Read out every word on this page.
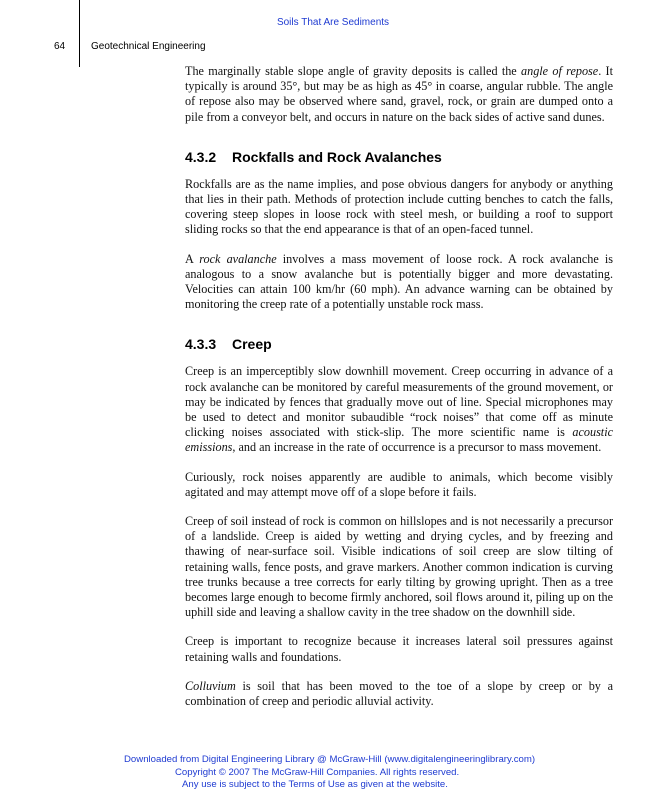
Soils That Are Sediments
64	Geotechnical Engineering

The marginally stable slope angle of gravity deposits is called the angle of repose. It typically is around 35°, but may be as high as 45° in coarse, angular rubble. The angle of repose also may be observed where sand, gravel, rock, or grain are dumped onto a pile from a conveyor belt, and occurs in nature on the back sides of active sand dunes.

4.3.2 Rockfalls and Rock Avalanches

Rockfalls are as the name implies, and pose obvious dangers for anybody or anything that lies in their path. Methods of protection include cutting benches to catch the falls, covering steep slopes in loose rock with steel mesh, or building a roof to support sliding rocks so that the end appearance is that of an open-faced tunnel.

A rock avalanche involves a mass movement of loose rock. A rock avalanche is analogous to a snow avalanche but is potentially bigger and more devastating. Velocities can attain 100 km/hr (60 mph). An advance warning can be obtained by monitoring the creep rate of a potentially unstable rock mass.

4.3.3 Creep

Creep is an imperceptibly slow downhill movement. Creep occurring in advance of a rock avalanche can be monitored by careful measurements of the ground movement, or may be indicated by fences that gradually move out of line. Special microphones may be used to detect and monitor subaudible “rock noises” that come off as minute clicking noises associated with stick-slip. The more scientific name is acoustic emissions, and an increase in the rate of occurrence is a precursor to mass movement.

Curiously, rock noises apparently are audible to animals, which become visibly agitated and may attempt move off of a slope before it fails.

Creep of soil instead of rock is common on hillslopes and is not necessarily a precursor of a landslide. Creep is aided by wetting and drying cycles, and by freezing and thawing of near-surface soil. Visible indications of soil creep are slow tilting of retaining walls, fence posts, and grave markers. Another common indication is curving tree trunks because a tree corrects for early tilting by growing upright. Then as a tree becomes large enough to become firmly anchored, soil flows around it, piling up on the uphill side and leaving a shallow cavity in the tree shadow on the downhill side.

Creep is important to recognize because it increases lateral soil pressures against retaining walls and foundations.

Colluvium is soil that has been moved to the toe of a slope by creep or by a combination of creep and periodic alluvial activity.

Downloaded from Digital Engineering Library @ McGraw-Hill (www.digitalengineeringlibrary.com)
Copyright © 2007 The McGraw-Hill Companies. All rights reserved.
Any use is subject to the Terms of Use as given at the website.
